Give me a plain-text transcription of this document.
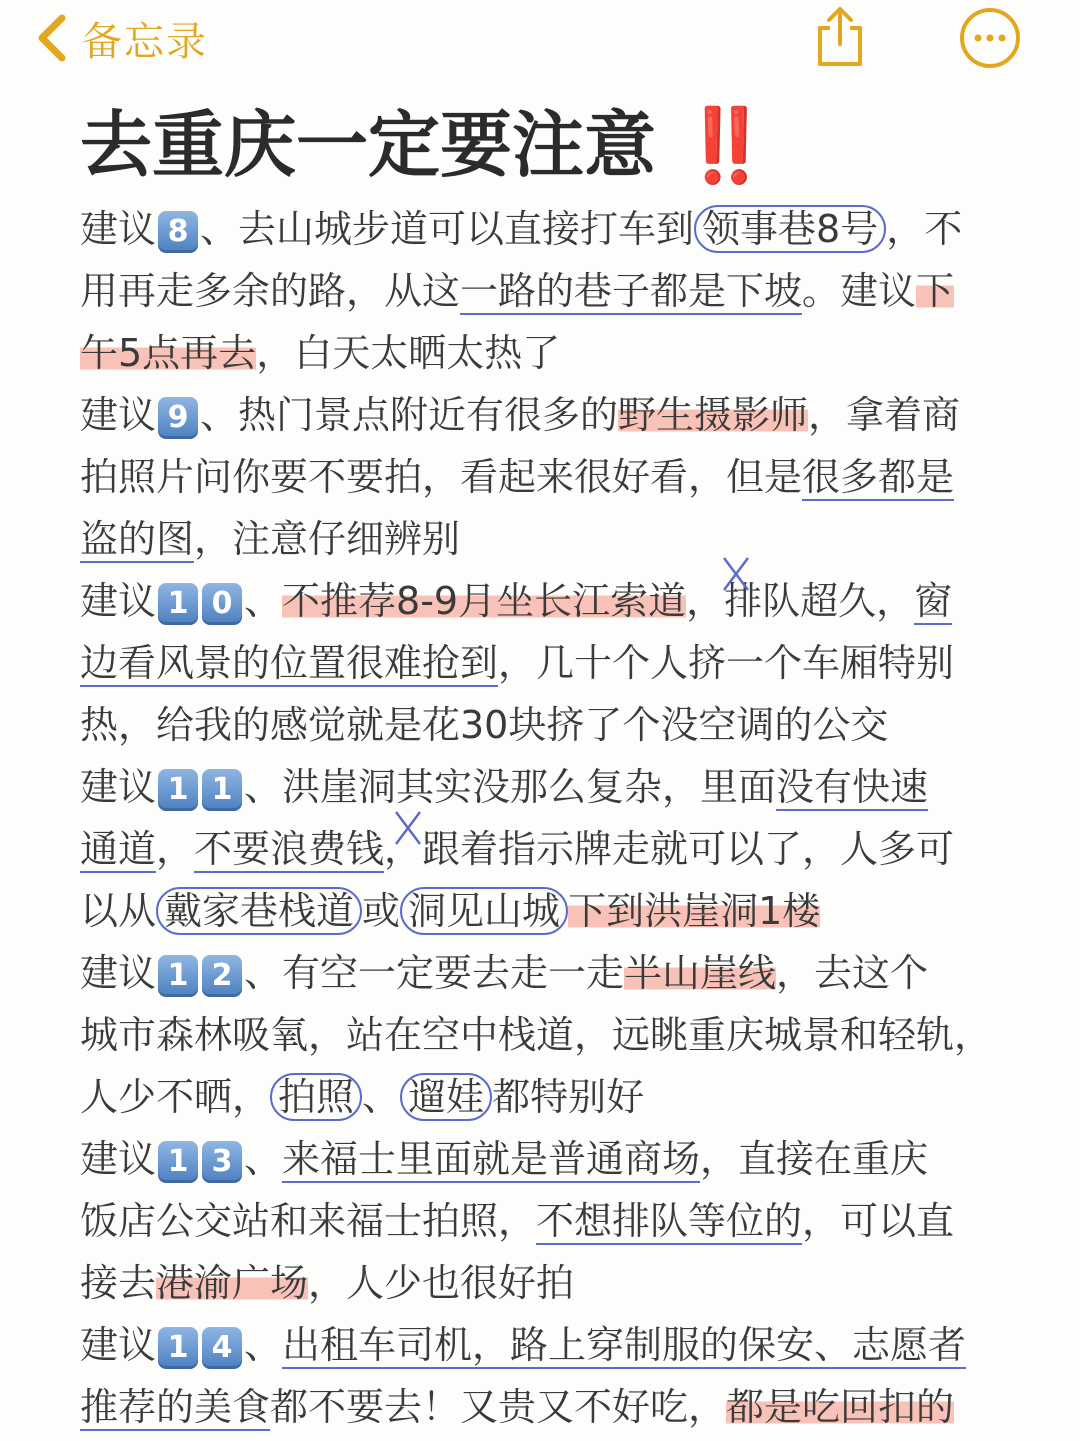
备忘录
去重庆一定要注意 ‼️
建议 8 、去山城步道可以直接打车到 领事巷8号 ，不
用再走多余的路，从这一路的巷子都是下坡。建议下
午5点再去，白天太晒太热了
建议 9 、热门景点附近有很多的野生摄影师，拿着商
拍照片问你要不要拍，看起来很好看，但是很多都是
盗的图，注意仔细辨别
建议 1 0 、不推荐8-9月坐长江索道，排队超久，窗
边看风景的位置很难抢到，几十个人挤一个车厢特别
热，给我的感觉就是花30块挤了个没空调的公交
建议 1 1 、洪崖洞其实没那么复杂，里面没有快速
通道，不要浪费钱，跟着指示牌走就可以了，人多可
以从 戴家巷栈道 或 洞见山城 下到洪崖洞1楼
建议 1 2 、有空一定要去走一走半山崖线，去这个
城市森林吸氧，站在空中栈道，远眺重庆城景和轻轨，
人少不晒， 拍照 、 遛娃 都特别好
建议 1 3 、来福士里面就是普通商场，直接在重庆
饭店公交站和来福士拍照，不想排队等位的，可以直
接去港渝广场，人少也很好拍
建议 1 4 、出租车司机，路上穿制服的保安、志愿者
推荐的美食都不要去！又贵又不好吃，都是吃回扣的
